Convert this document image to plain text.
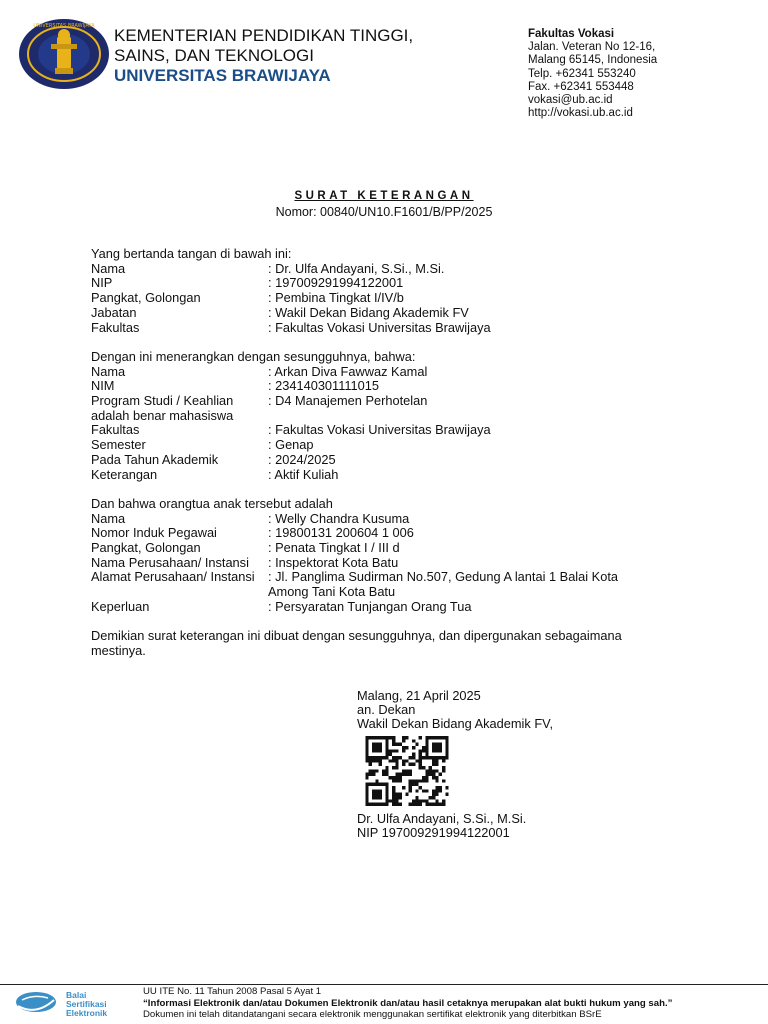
UNIVERSITAS BRAWIJAYA KEMENTERIAN PENDIDIKAN TINGGI,
SAINS, DAN TEKNOLOGI
UNIVERSITAS BRAWIJAYA
Fakultas Vokasi
Jalan. Veteran No 12-16,
Malang 65145, Indonesia
Telp. +62341 553240
Fax. +62341 553448
vokasi@ub.ac.id
http://vokasi.ub.ac.id
SURAT KETERANGAN
Nomor: 00840/UN10.F1601/B/PP/2025

Yang bertanda tangan di bawah ini:

Nama	: Dr. Ulfa Andayani, S.Si., M.Si.
NIP	: 197009291994122001
Pangkat, Golongan	: Pembina Tingkat I/IV/b
Jabatan	: Wakil Dekan Bidang Akademik FV
Fakultas	: Fakultas Vokasi Universitas Brawijaya

Dengan ini menerangkan dengan sesungguhnya, bahwa:

Nama	: Arkan Diva Fawwaz Kamal
NIM	: 234140301111015
Program Studi / Keahlian	: D4 Manajemen Perhotelan
adalah benar mahasiswa
Fakultas	: Fakultas Vokasi Universitas Brawijaya
Semester	: Genap
Pada Tahun Akademik	: 2024/2025
Keterangan	: Aktif Kuliah

Dan bahwa orangtua anak tersebut adalah

Nama	: Welly Chandra Kusuma
Nomor Induk Pegawai	: 19800131 200604 1 006
Pangkat, Golongan	: Penata Tingkat I / III d
Nama Perusahaan/ Instansi	: Inspektorat Kota Batu
Alamat Perusahaan/ Instansi	: Jl. Panglima Sudirman No.507, Gedung A lantai 1 Balai Kota
Among Tani Kota Batu
Keperluan	: Persyaratan Tunjangan Orang Tua

Demikian surat keterangan ini dibuat dengan sesungguhnya, dan dipergunakan sebagaimana

mestinya.

Malang, 21 April 2025
an. Dekan
Wakil Dekan Bidang Akademik FV,
Dr. Ulfa Andayani, S.Si., M.Si.
NIP 197009291994122001
Balai
Sertifikasi
Elektronik
UU ITE No. 11 Tahun 2008 Pasal 5 Ayat 1
“Informasi Elektronik dan/atau Dokumen Elektronik dan/atau hasil cetaknya merupakan alat bukti hukum yang sah.”
Dokumen ini telah ditandatangani secara elektronik menggunakan sertifikat elektronik yang diterbitkan BSrE
